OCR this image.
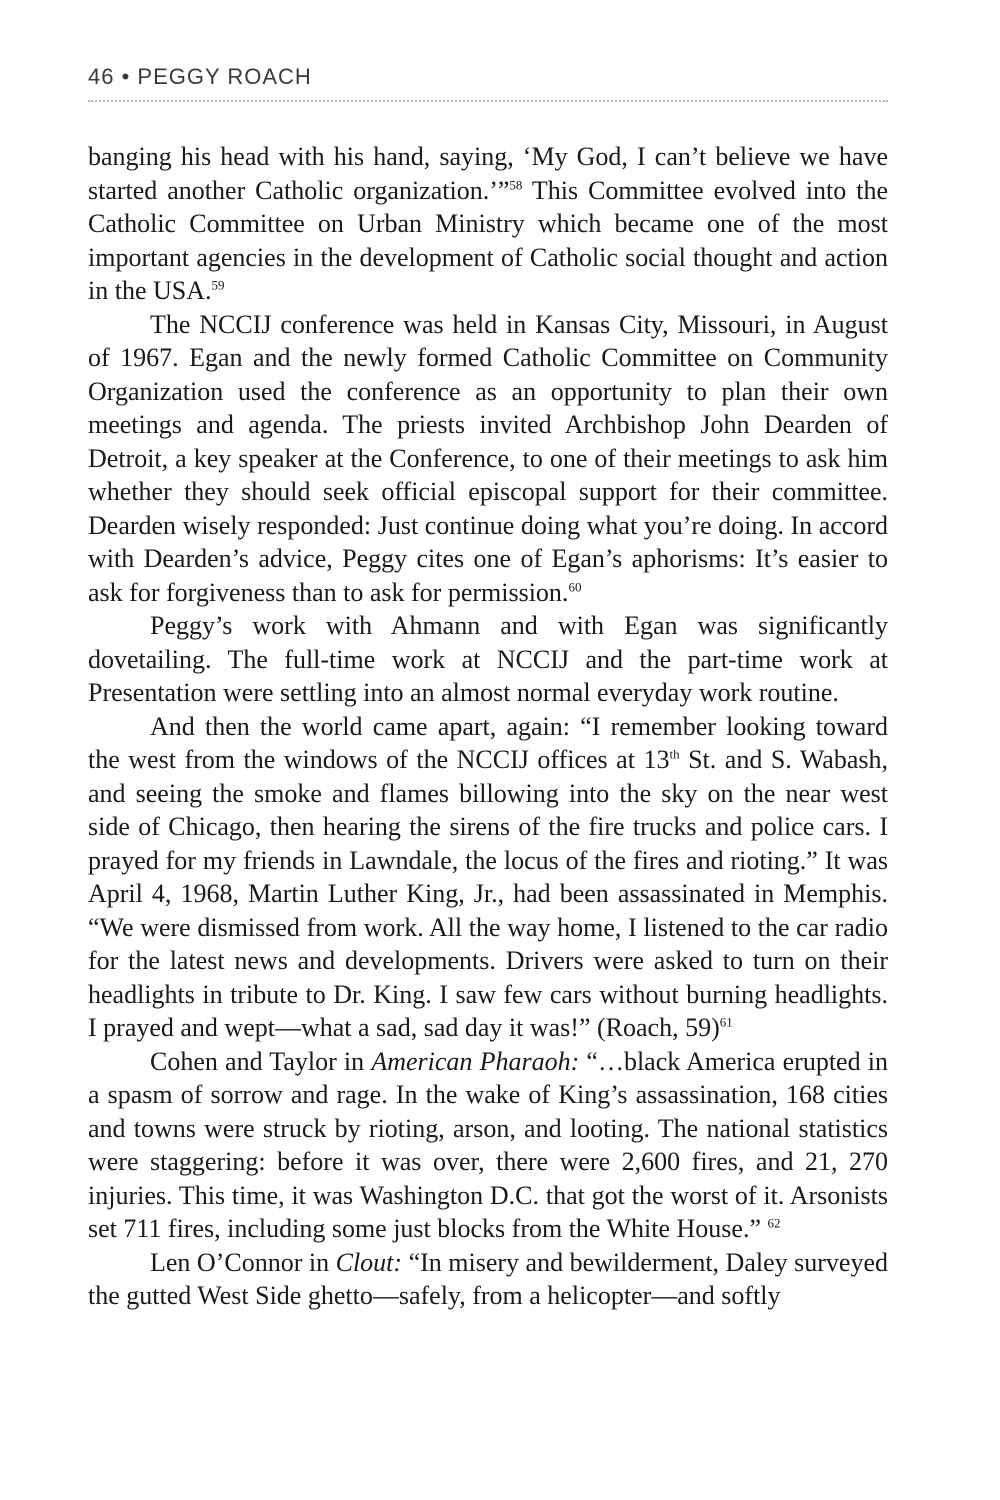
46 • PEGGY ROACH

banging his head with his hand, saying, ‘My God, I can’t believe we have started another Catholic organization.’”$^{58}$ This Committee evolved into the Catholic Committee on Urban Ministry which became one of the most important agencies in the development of Catholic social thought and action in the USA.$^{59}$

The NCCIJ conference was held in Kansas City, Missouri, in August of 1967. Egan and the newly formed Catholic Committee on Community Organization used the conference as an opportunity to plan their own meetings and agenda. The priests invited Archbishop John Dearden of Detroit, a key speaker at the Conference, to one of their meetings to ask him whether they should seek official episcopal support for their committee. Dearden wisely responded: Just continue doing what you’re doing. In accord with Dearden’s advice, Peggy cites one of Egan’s aphorisms: It’s easier to ask for forgiveness than to ask for permission.$^{60}$

Peggy’s work with Ahmann and with Egan was significantly dovetailing. The full-time work at NCCIJ and the part-time work at Presentation were settling into an almost normal everyday work routine.

And then the world came apart, again: “I remember looking toward the west from the windows of the NCCIJ offices at 13th St. and S. Wabash, and seeing the smoke and flames billowing into the sky on the near west side of Chicago, then hearing the sirens of the fire trucks and police cars. I prayed for my friends in Lawndale, the locus of the fires and rioting.” It was April 4, 1968, Martin Luther King, Jr., had been assassinated in Memphis. “We were dismissed from work. All the way home, I listened to the car radio for the latest news and developments. Drivers were asked to turn on their headlights in tribute to Dr. King. I saw few cars without burning headlights. I prayed and wept—what a sad, sad day it was!” (Roach, 59)$^{61}$

Cohen and Taylor in American Pharaoh: “…black America erupted in a spasm of sorrow and rage. In the wake of King’s assassination, 168 cities and towns were struck by rioting, arson, and looting. The national statistics were staggering: before it was over, there were 2,600 fires, and 21, 270 injuries. This time, it was Washington D.C. that got the worst of it. Arsonists set 711 fires, including some just blocks from the White House.” $^{62}$

Len O’Connor in Clout: “In misery and bewilderment, Daley surveyed the gutted West Side ghetto—safely, from a helicopter—and softly
